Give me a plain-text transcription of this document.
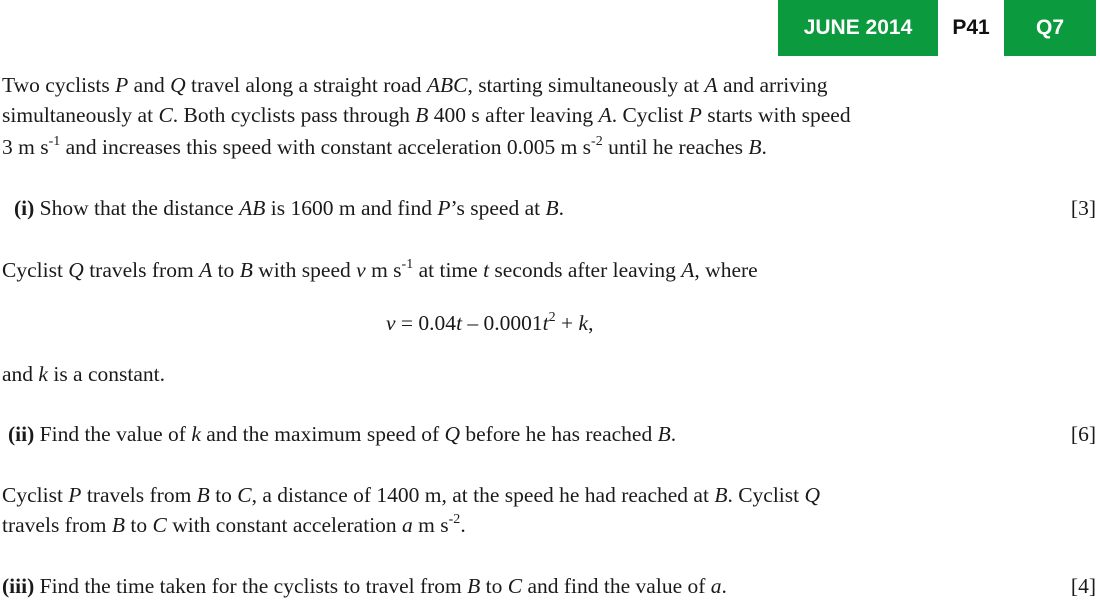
JUNE 2014	P41	Q7
Two cyclists P and Q travel along a straight road ABC, starting simultaneously at A and arriving
simultaneously at C. Both cyclists pass through B 400 s after leaving A. Cyclist P starts with speed
3 m $s^{-1}$ and increases this speed with constant acceleration 0.005 m $s^{-2}$ until he reaches B.
(i) Show that the distance AB is 1600 m and find P’s speed at B.	[3]
Cyclist Q travels from A to B with speed v m $s^{-1}$ at time t seconds after leaving A, where
$v = 0.04t - 0.0001t^2 + k$,
and k is a constant.
(ii) Find the value of k and the maximum speed of Q before he has reached B.	[6]
Cyclist P travels from B to C, a distance of 1400 m, at the speed he had reached at B. Cyclist Q
travels from B to C with constant acceleration a m $s^{-2}$.
(iii) Find the time taken for the cyclists to travel from B to C and find the value of a.	[4]
